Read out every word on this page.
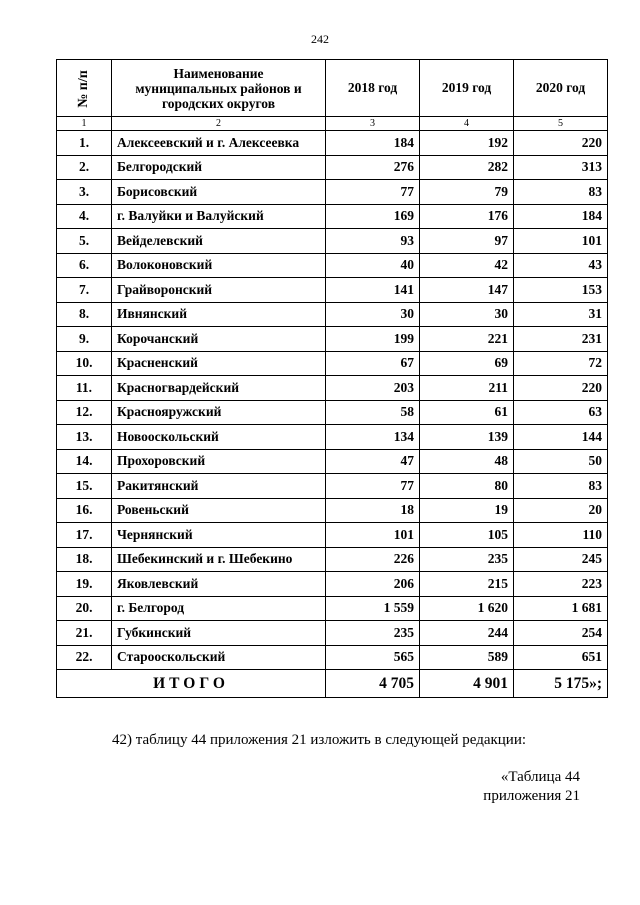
242
№ п/п	Наименование
муниципальных районов и
городских округов	2018 год	2019 год	2020 год
1	2	3	4	5
1.	Алексеевский и г. Алексеевка	184	192	220
2.	Белгородский	276	282	313
3.	Борисовский	77	79	83
4.	г. Валуйки и Валуйский	169	176	184
5.	Вейделевский	93	97	101
6.	Волоконовский	40	42	43
7.	Грайворонский	141	147	153
8.	Ивнянский	30	30	31
9.	Корочанский	199	221	231
10.	Красненский	67	69	72
11.	Красногвардейский	203	211	220
12.	Краснояружский	58	61	63
13.	Новооскольский	134	139	144
14.	Прохоровский	47	48	50
15.	Ракитянский	77	80	83
16.	Ровеньский	18	19	20
17.	Чернянский	101	105	110
18.	Шебекинский и г. Шебекино	226	235	245
19.	Яковлевский	206	215	223
20.	г. Белгород	1 559	1 620	1 681
21.	Губкинский	235	244	254
22.	Старооскольский	565	589	651
ИТОГО		4 705	4 901	5 175»;
42) таблицу 44 приложения 21 изложить в следующей редакции:
«Таблица 44
приложения 21
